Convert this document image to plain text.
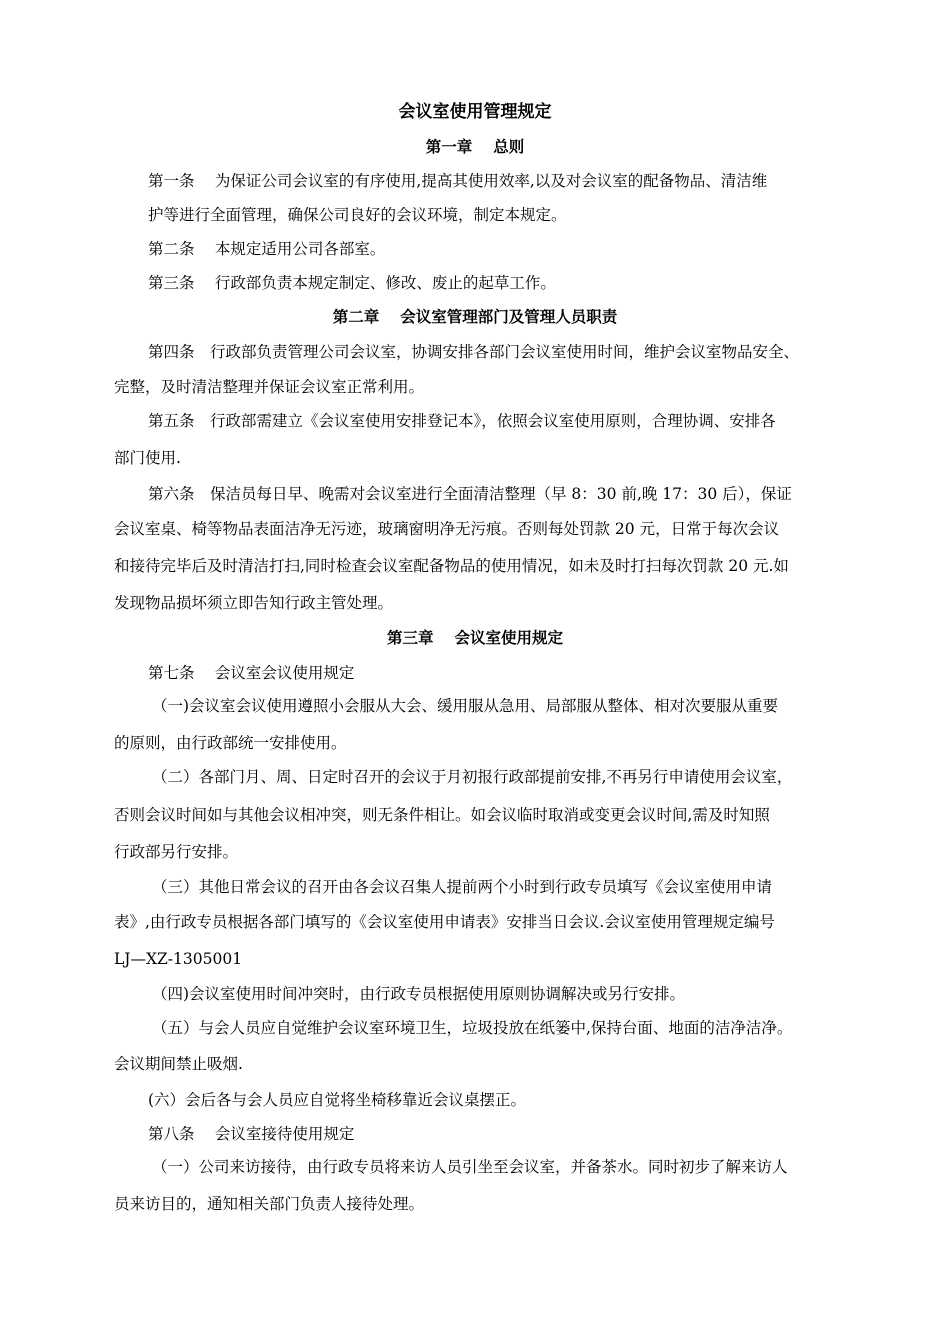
会议室使用管理规定
第一章　 总则
第一条　 为保证公司会议室的有序使用,提高其使用效率,以及对会议室的配备物品、清洁维
护等进行全面管理，确保公司良好的会议环境，制定本规定。
第二条　 本规定适用公司各部室。
第三条　 行政部负责本规定制定、修改、废止的起草工作。
第二章　 会议室管理部门及管理人员职责
第四条　行政部负责管理公司会议室，协调安排各部门会议室使用时间，维护会议室物品安全、
完整，及时清洁整理并保证会议室正常利用。
第五条　行政部需建立《会议室使用安排登记本》，依照会议室使用原则，合理协调、安排各
部门使用.
第六条　保洁员每日早、晚需对会议室进行全面清洁整理（早 8：30 前,晚 17：30 后），保证
会议室桌、椅等物品表面洁净无污迹，玻璃窗明净无污痕。否则每处罚款 20 元，日常于每次会议
和接待完毕后及时清洁打扫,同时检查会议室配备物品的使用情况，如未及时打扫每次罚款 20 元.如
发现物品损坏须立即告知行政主管处理。
第三章　 会议室使用规定
第七条　 会议室会议使用规定
（一)会议室会议使用遵照小会服从大会、缓用服从急用、局部服从整体、相对次要服从重要
的原则，由行政部统一安排使用。
（二）各部门月、周、日定时召开的会议于月初报行政部提前安排,不再另行申请使用会议室，
否则会议时间如与其他会议相冲突，则无条件相让。如会议临时取消或变更会议时间,需及时知照
行政部另行安排。
（三）其他日常会议的召开由各会议召集人提前两个小时到行政专员填写《会议室使用申请
表》,由行政专员根据各部门填写的《会议室使用申请表》安排当日会议.会议室使用管理规定编号
LJ—XZ-1305001
（四)会议室使用时间冲突时，由行政专员根据使用原则协调解决或另行安排。
（五）与会人员应自觉维护会议室环境卫生，垃圾投放在纸篓中,保持台面、地面的洁净洁净。
会议期间禁止吸烟.
(六）会后各与会人员应自觉将坐椅移靠近会议桌摆正。
第八条　 会议室接待使用规定
（一）公司来访接待，由行政专员将来访人员引坐至会议室，并备茶水。同时初步了解来访人
员来访目的，通知相关部门负责人接待处理。
